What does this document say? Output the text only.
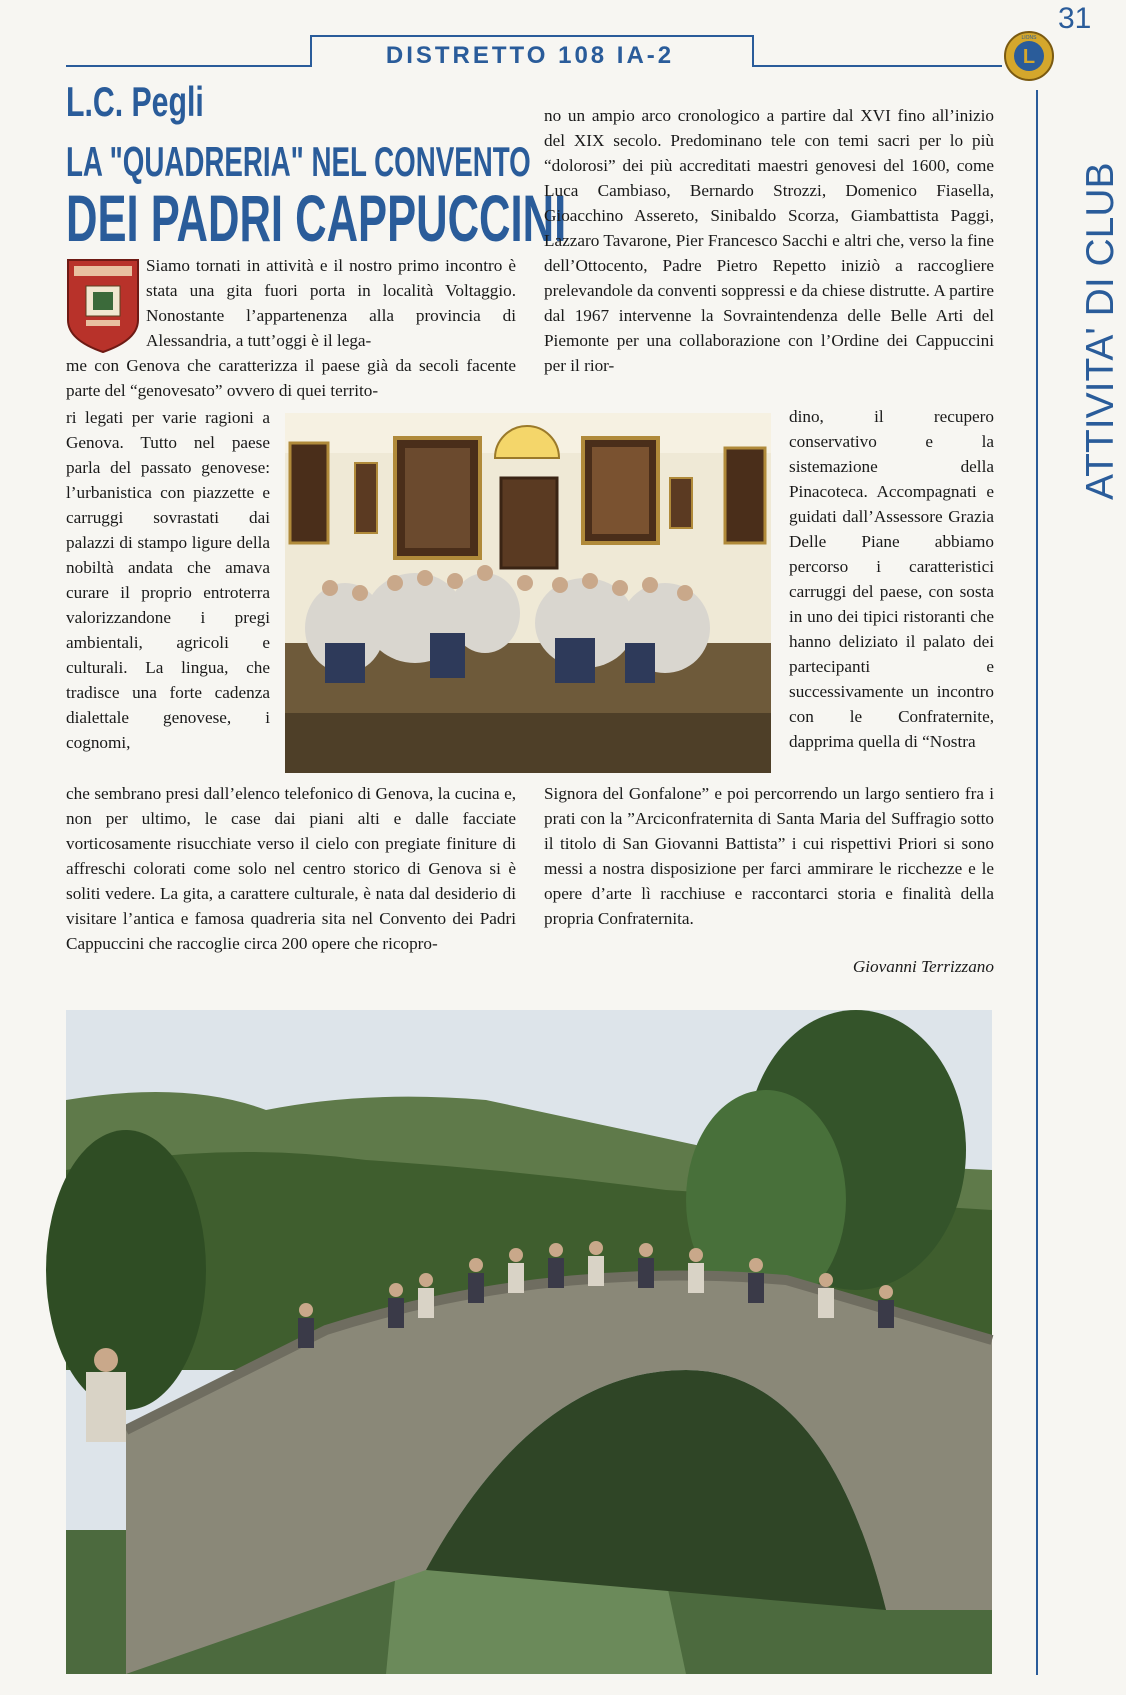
DISTRETTO 108 IA-2
31
L
LIONS
ATTIVITA' DI CLUB
L.C. Pegli
LA "QUADRERIA" NEL CONVENTO
DEI PADRI CAPPUCCINI
Siamo tornati in attività e il nostro primo incontro è stata una gita fuori porta in località Voltaggio. Nonostante l’appartenenza alla provincia di Alessandria, a tutt’oggi è il lega-
me con Genova che caratterizza il paese già da secoli facente parte del “genovesato” ovvero di quei territo-
ri legati per varie ragioni a Genova. Tutto nel paese parla del passato genovese: l’urbanistica con piazzette e carruggi sovrastati dai palazzi di stampo ligure della nobiltà andata che amava curare il proprio entroterra valorizzandone i pregi ambientali, agricoli e culturali. La lingua, che tradisce una forte cadenza dialettale genovese, i cognomi,
che sembrano presi dall’elenco telefonico di Genova, la cucina e, non per ultimo, le case dai piani alti e dalle facciate vorticosamente risucchiate verso il cielo con pregiate finiture di affreschi colorati come solo nel centro storico di Genova si è soliti vedere. La gita, a carattere culturale, è nata dal desiderio di visitare l’antica e famosa quadreria sita nel Convento dei Padri Cappuccini che raccoglie circa 200 opere che ricopro-
no un ampio arco cronologico a partire dal XVI fino all’inizio del XIX secolo. Predominano tele con temi sacri per lo più “dolorosi” dei più accreditati maestri genovesi del 1600, come Luca Cambiaso, Bernardo Strozzi, Domenico Fiasella, Gioacchino Assereto, Sinibaldo Scorza, Giambattista Paggi, Lazzaro Tavarone, Pier Francesco Sacchi e altri che, verso la fine dell’Ottocento, Padre Pietro Repetto iniziò a raccogliere prelevandole da conventi soppressi e da chiese distrutte. A partire dal 1967 intervenne la Sovraintendenza delle Belle Arti del Piemonte per una collaborazione con l’Ordine dei Cappuccini per il rior-
dino, il recupero conservativo e la sistemazione della Pinacoteca. Accompagnati e guidati dall’Assessore Grazia Delle Piane abbiamo percorso i caratteristici carruggi del paese, con sosta in uno dei tipici ristoranti che hanno deliziato il palato dei partecipanti e successivamente un incontro con le Confraternite, dapprima quella di “Nostra
Signora del Gonfalone” e poi percorrendo un largo sentiero fra i prati con la ”Arciconfraternita di Santa Maria del Suffragio sotto il titolo di San Giovanni Battista” i cui rispettivi Priori si sono messi a nostra disposizione per farci ammirare le ricchezze e le opere d’arte lì racchiuse e raccontarci storia e finalità della propria Confraternita.
Giovanni Terrizzano
